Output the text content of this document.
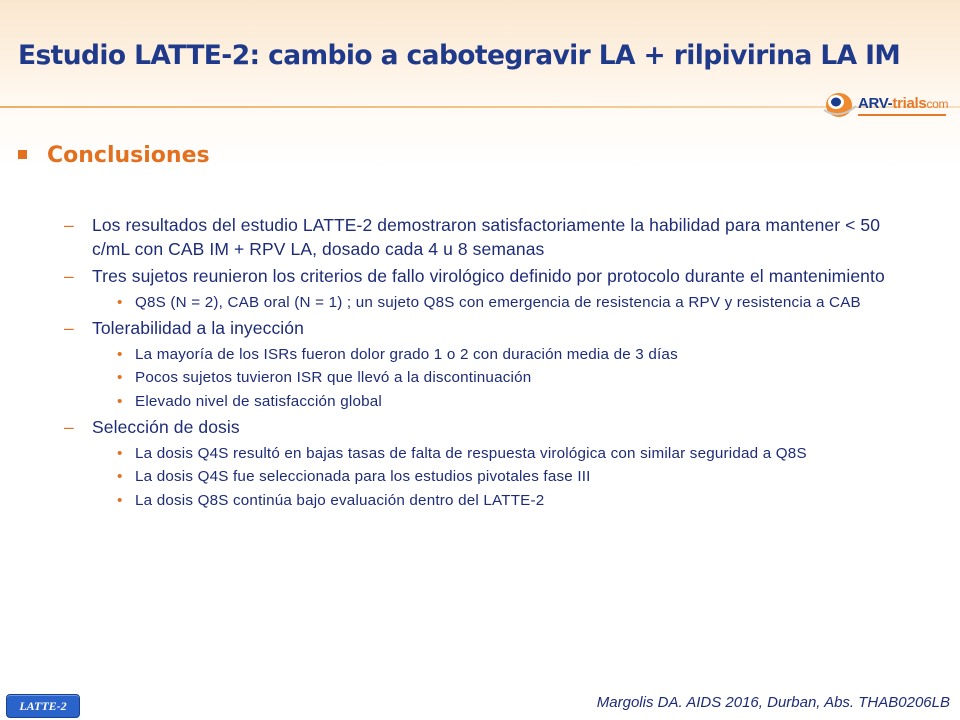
Estudio LATTE-2: cambio a cabotegravir LA + rilpivirina LA IM
ARV-trialscom
Conclusiones
– Los resultados del estudio LATTE-2 demostraron satisfactoriamente la habilidad para mantener < 50 c/mL con CAB IM + RPV LA, dosado cada 4 u 8 semanas
– Tres sujetos reunieron los criterios de fallo virológico definido por protocolo durante el mantenimiento
• Q8S (N = 2), CAB oral (N = 1) ; un sujeto Q8S con emergencia de resistencia a RPV y resistencia a CAB
– Tolerabilidad a la inyección
• La mayoría de los ISRs fueron dolor grado 1 o 2 con duración media de 3 días
• Pocos sujetos tuvieron ISR que llevó a la discontinuación
• Elevado nivel de satisfacción global
– Selección de dosis
• La dosis Q4S resultó en bajas tasas de falta de respuesta virológica con similar seguridad a Q8S
• La dosis Q4S fue seleccionada para los estudios pivotales fase III
• La dosis Q8S continúa bajo evaluación dentro del LATTE-2
LATTE-2	Margolis DA. AIDS 2016, Durban, Abs. THAB0206LB
